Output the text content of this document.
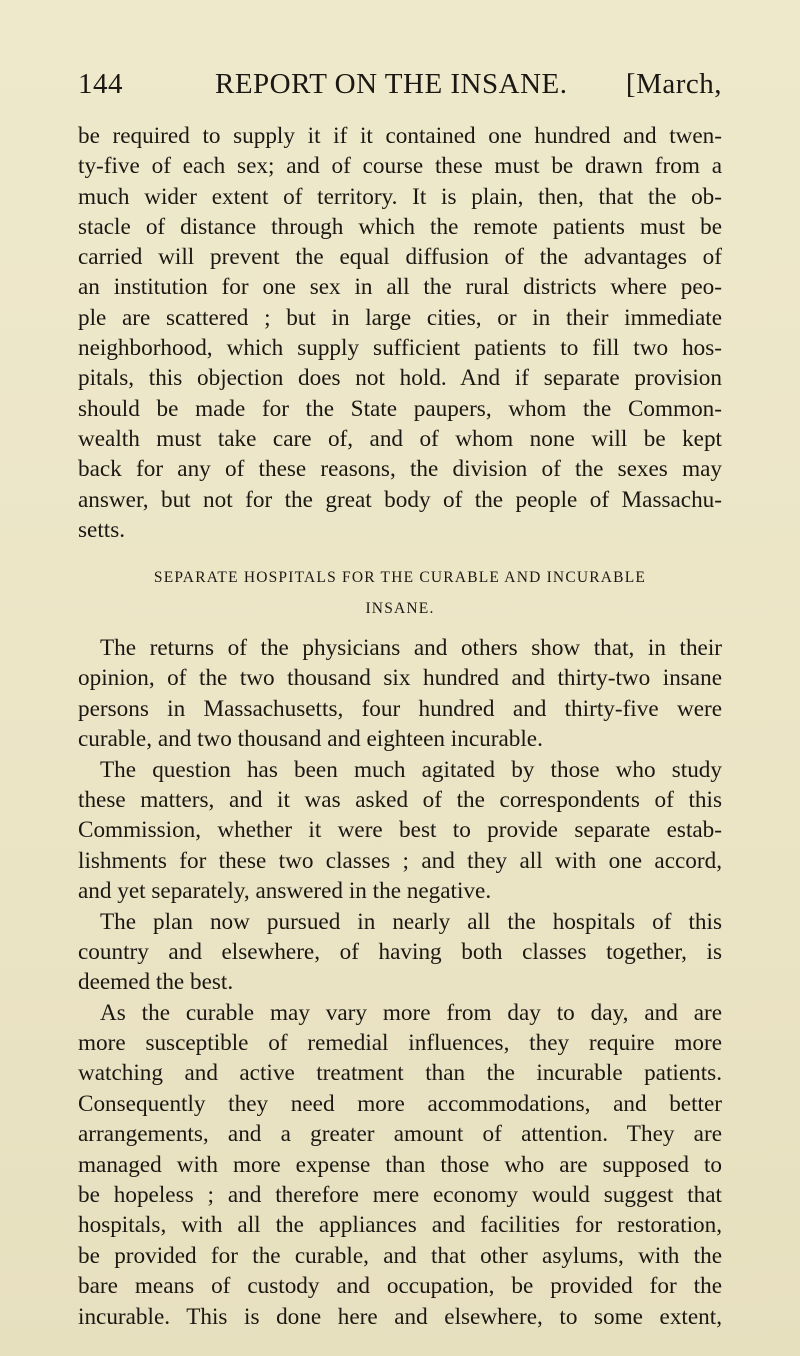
144	REPORT ON THE INSANE. [March,
be required to supply it if it contained one hundred and twen-
ty-five of each sex; and of course these must be drawn from a
much wider extent of territory. It is plain, then, that the ob-
stacle of distance through which the remote patients must be
carried will prevent the equal diffusion of the advantages of
an institution for one sex in all the rural districts where peo-
ple are scattered ; but in large cities, or in their immediate
neighborhood, which supply sufficient patients to fill two hos-
pitals, this objection does not hold. And if separate provision
should be made for the State paupers, whom the Common-
wealth must take care of, and of whom none will be kept
back for any of these reasons, the division of the sexes may
answer, but not for the great body of the people of Massachu-
setts.
SEPARATE HOSPITALS FOR THE CURABLE AND INCURABLE
INSANE.
The returns of the physicians and others show that, in their
opinion, of the two thousand six hundred and thirty-two insane
persons in Massachusetts, four hundred and thirty-five were
curable, and two thousand and eighteen incurable.
The question has been much agitated by those who study
these matters, and it was asked of the correspondents of this
Commission, whether it were best to provide separate estab-
lishments for these two classes ; and they all with one accord,
and yet separately, answered in the negative.
The plan now pursued in nearly all the hospitals of this
country and elsewhere, of having both classes together, is
deemed the best.
As the curable may vary more from day to day, and are
more susceptible of remedial influences, they require more
watching and active treatment than the incurable patients.
Consequently they need more accommodations, and better
arrangements, and a greater amount of attention. They are
managed with more expense than those who are supposed to
be hopeless ; and therefore mere economy would suggest that
hospitals, with all the appliances and facilities for restoration,
be provided for the curable, and that other asylums, with the
bare means of custody and occupation, be provided for the
incurable. This is done here and elsewhere, to some extent,
